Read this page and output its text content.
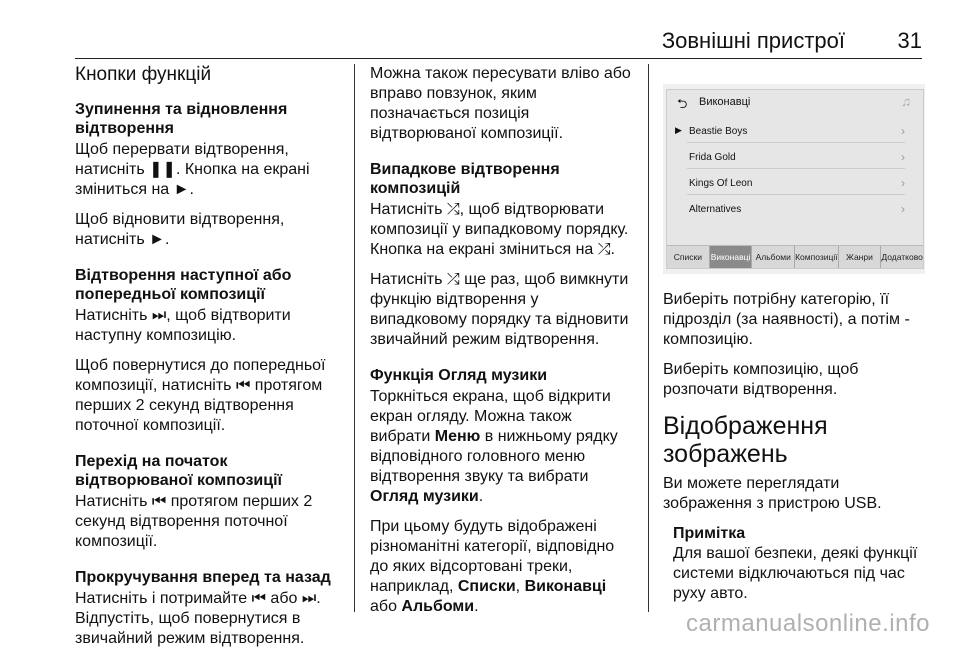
Зовнішні пристрої 31
Кнопки функцій
Зупинення та відновлення відтворення

Щоб перервати відтворення, натисніть ❚❚. Кнопка на екрані зміниться на ►.

Щоб відновити відтворення, натисніть ►.

Відтворення наступної або попередньої композиції

Натисніть ⏭, щоб відтворити наступну композицію.

Щоб повернутися до попередньої композиції, натисніть ⏮ протягом перших 2 секунд відтворення поточної композиції.

Перехід на початок відтворюваної композиції

Натисніть ⏮ протягом перших 2 секунд відтворення поточної композиції.

Прокручування вперед та назад

Натисніть і потримайте ⏮ або ⏭. Відпустіть, щоб повернутися в звичайний режим відтворення.

Можна також пересувати вліво або вправо повзунок, яким позначається позиція відтворюваної композиції.

Випадкове відтворення композицій

Натисніть ⤮, щоб відтворювати композиції у випадковому порядку. Кнопка на екрані зміниться на ⤮.

Натисніть ⤮ ще раз, щоб вимкнути функцію відтворення у випадковому порядку та відновити звичайний режим відтворення.

Функція Огляд музики

Торкніться екрана, щоб відкрити екран огляду. Можна також вибрати Меню в нижньому рядку відповідного головного меню відтворення звуку та вибрати Огляд музики.

При цьому будуть відображені різноманітні категорії, відповідно до яких відсортовані треки, наприклад, Списки, Виконавці або Альбоми.

⮌ Виконавці	♫
▶ Beastie Boys	›
Frida Gold	›
Kings Of Leon	›
Alternatives	›
Списки	Виконавці Альбоми Композиції Жанри	Додатково

Виберіть потрібну категорію, її підрозділ (за наявності), а потім - композицію.

Виберіть композицію, щоб розпочати відтворення.

Відображення зображень

Ви можете переглядати зображення з пристрою USB.

Примітка

Для вашої безпеки, деякі функції системи відключаються під час руху авто.

carmanualsonline.info
